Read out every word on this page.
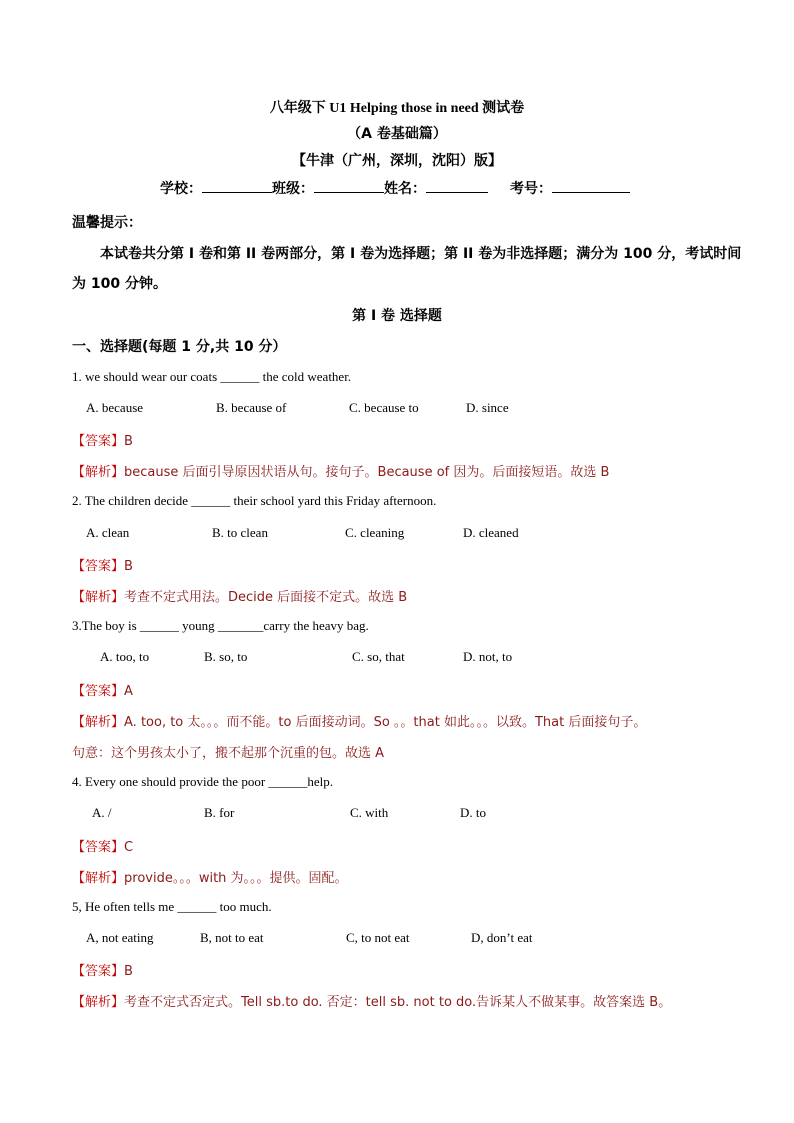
八年级下 U1 Helping those in need 测试卷
（A 卷基础篇）
【牛津（广州，深圳，沈阳）版】
学校：	班级：	姓名：	考号：
温馨提示：
本试卷共分第 I 卷和第 II 卷两部分，第 I 卷为选择题；第 II 卷为非选择题；满分为 100 分，考试时间
为 100 分钟。
第 I 卷 选择题
一、选择题(每题 1 分,共 10 分）
1. we should wear our coats ______ the cold weather.
A. because	B. because of	C. because to	D. since
【答案】B
【解析】because 后面引导原因状语从句。接句子。Because of 因为。后面接短语。故选 B
2. The children decide ______ their school yard this Friday afternoon.
A. clean	B. to clean	C. cleaning	D. cleaned
【答案】B
【解析】考查不定式用法。Decide 后面接不定式。故选 B
3.The boy is ______ young _______carry the heavy bag.
A. too, to	B. so, to	C. so, that	D. not, to
【答案】A
【解析】A. too, to 太。。。而不能。to 后面接动词。So 。。that 如此。。。以致。That 后面接句子。
句意：这个男孩太小了，搬不起那个沉重的包。故选 A
4. Every one should provide the poor ______help.
A. /	B. for	C. with	D. to
【答案】C
【解析】provide。。。with 为。。。提供。固配。
5, He often tells me ______ too much.
A, not eating	B, not to eat	C, to not eat	D, don’t eat
【答案】B
【解析】考查不定式否定式。Tell sb.to do. 否定：tell sb. not to do.告诉某人不做某事。故答案选 B。
